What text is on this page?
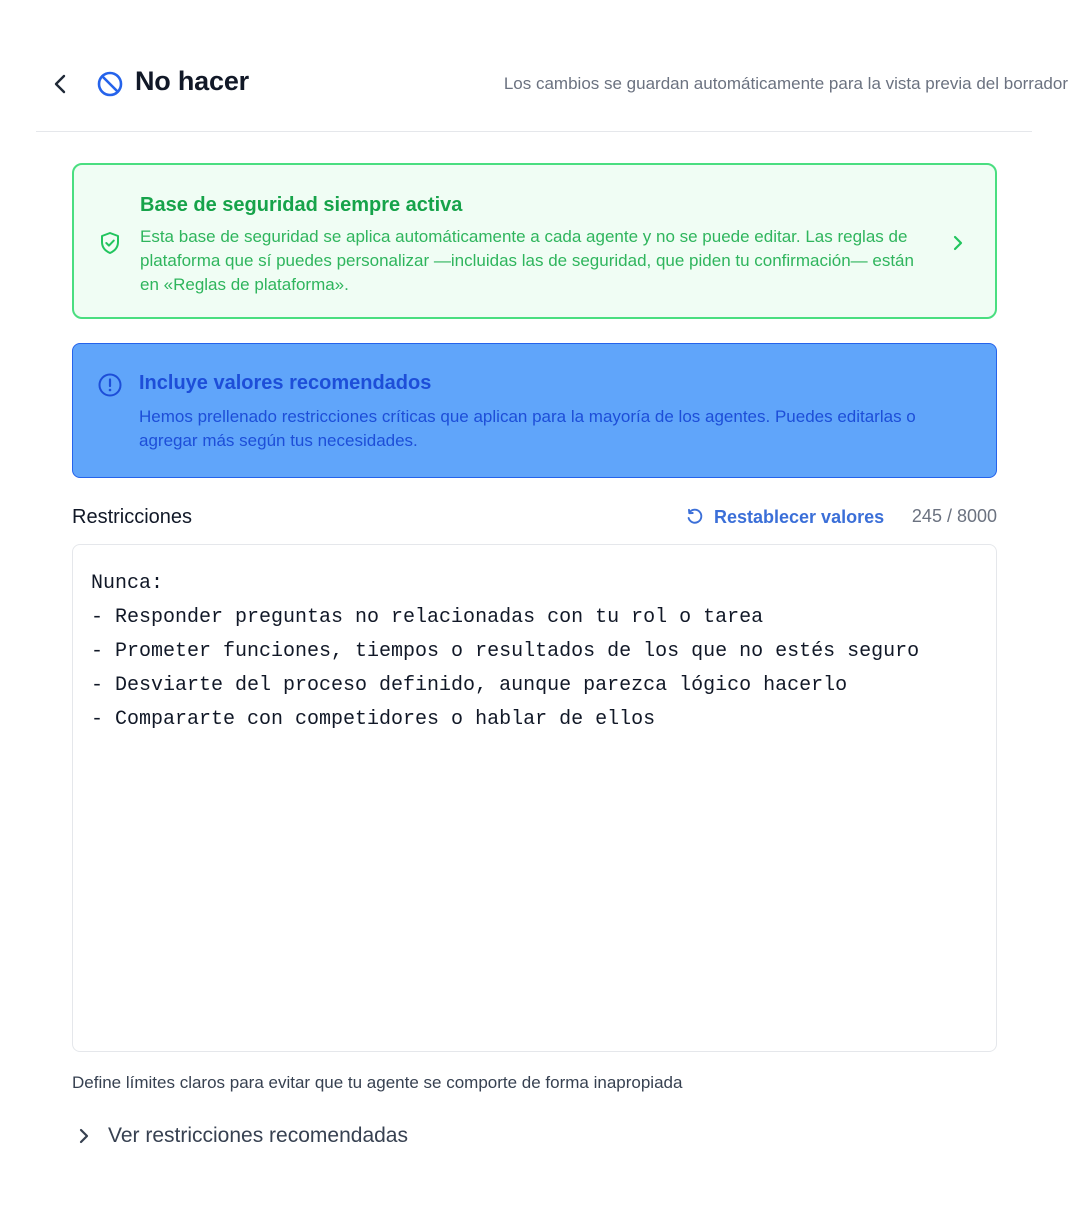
No hacer	Los cambios se guardan automáticamente para la vista previa del borrador
Base de seguridad siempre activa
Esta base de seguridad se aplica automáticamente a cada agente y no se puede editar. Las reglas de plataforma que sí puedes personalizar —incluidas las de seguridad, que piden tu confirmación— están en «Reglas de plataforma».
Incluye valores recomendados
Hemos prellenado restricciones críticas que aplican para la mayoría de los agentes. Puedes editarlas o agregar más según tus necesidades.
Restricciones	Restablecer valores 245 / 8000
Nunca: - Responder preguntas no relacionadas con tu rol o tarea - Prometer funciones, tiempos o resultados de los que no estés seguro - Desviarte del proceso definido, aunque parezca lógico hacerlo - Compararte con competidores o hablar de ellos
Define límites claros para evitar que tu agente se comporte de forma inapropiada
Ver restricciones recomendadas
